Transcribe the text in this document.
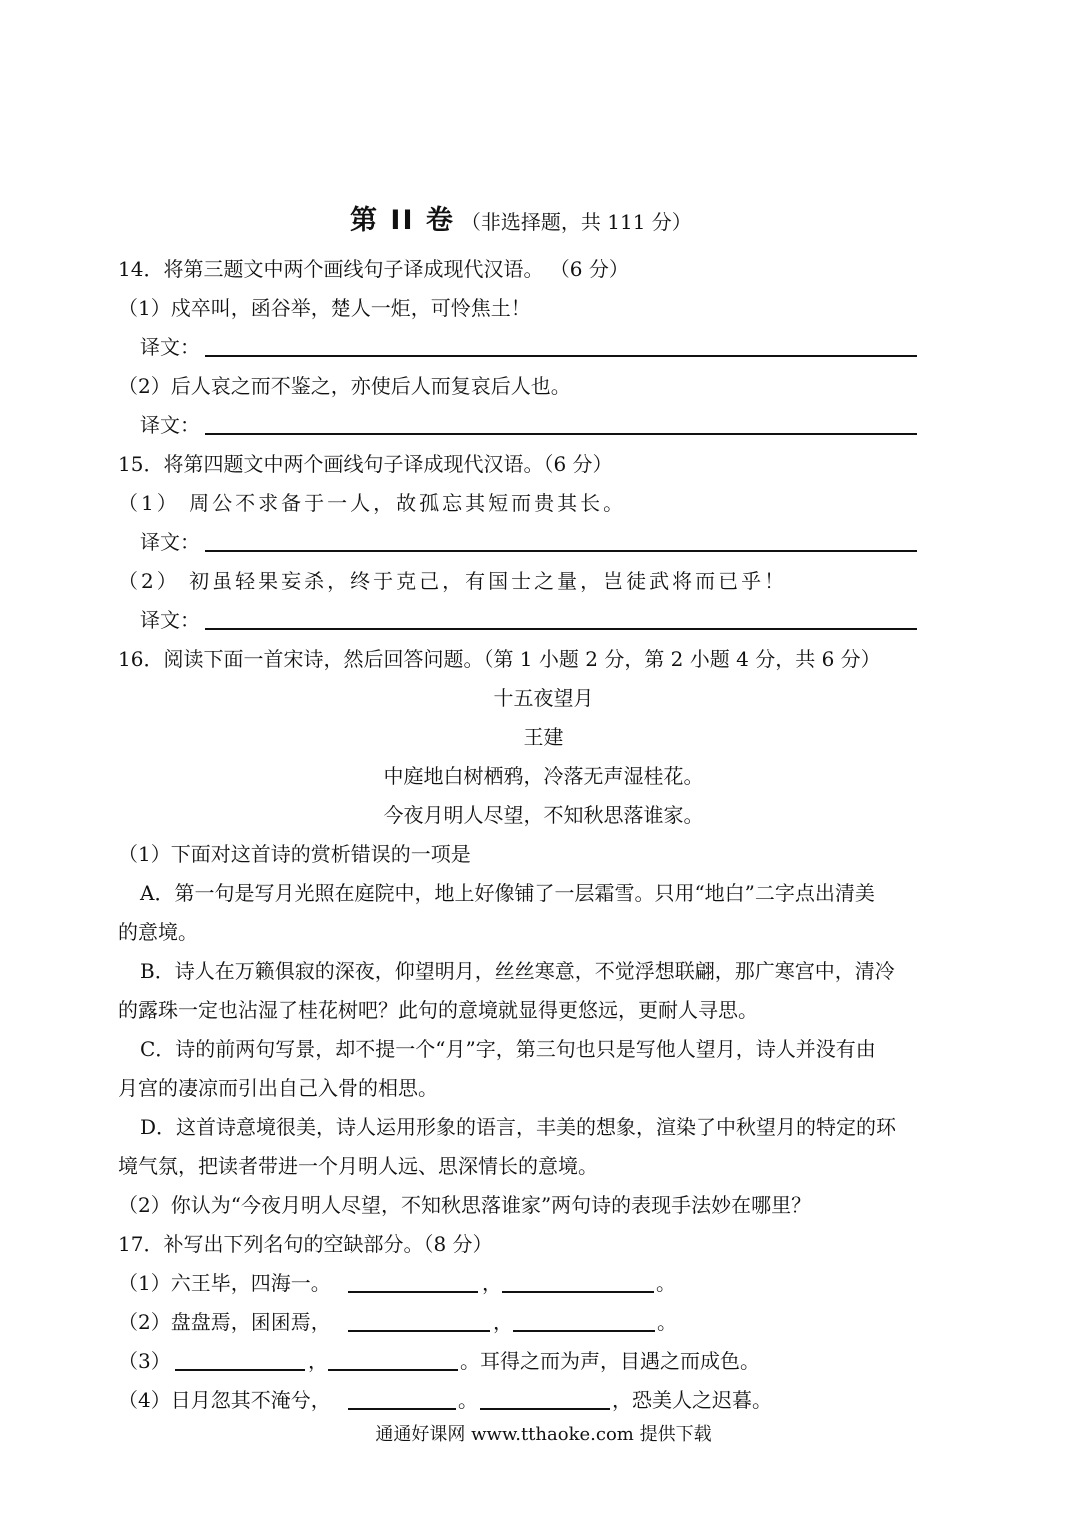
第 II 卷 （非选择题，共 111 分）
14．将第三题文中两个画线句子译成现代汉语。 （6 分）
（1）戍卒叫，函谷举，楚人一炬，可怜焦土！
译文：
（2）后人哀之而不鉴之，亦使后人而复哀后人也。
译文：
15．将第四题文中两个画线句子译成现代汉语。（6 分）
（1） 周公不求备于一人，故孤忘其短而贵其长。
译文：
（2） 初虽轻果妄杀，终于克己，有国士之量，岂徒武将而已乎！
译文：
16．阅读下面一首宋诗，然后回答问题。（第 1 小题 2 分，第 2 小题 4 分，共 6 分）
十五夜望月
王建
中庭地白树栖鸦，冷落无声湿桂花。
今夜月明人尽望，不知秋思落谁家。
（1）下面对这首诗的赏析错误的一项是
A．第一句是写月光照在庭院中，地上好像铺了一层霜雪。只用“地白”二字点出清美
的意境。
B．诗人在万籁俱寂的深夜，仰望明月，丝丝寒意，不觉浮想联翩，那广寒宫中，清冷
的露珠一定也沾湿了桂花树吧？此句的意境就显得更悠远，更耐人寻思。
C．诗的前两句写景，却不提一个“月”字，第三句也只是写他人望月，诗人并没有由
月宫的凄凉而引出自己入骨的相思。
D．这首诗意境很美，诗人运用形象的语言，丰美的想象，渲染了中秋望月的特定的环
境气氛，把读者带进一个月明人远、思深情长的意境。
（2）你认为“今夜月明人尽望，不知秋思落谁家”两句诗的表现手法妙在哪里？
17．补写出下列名句的空缺部分。（8 分）
（1）六王毕，四海一。	，	。
（2）盘盘焉，囷囷焉，	，	。
（3）	，	。耳得之而为声，目遇之而成色。
（4）日月忽其不淹兮，	。	，恐美人之迟暮。
通通好课网 www.tthaoke.com 提供下载
